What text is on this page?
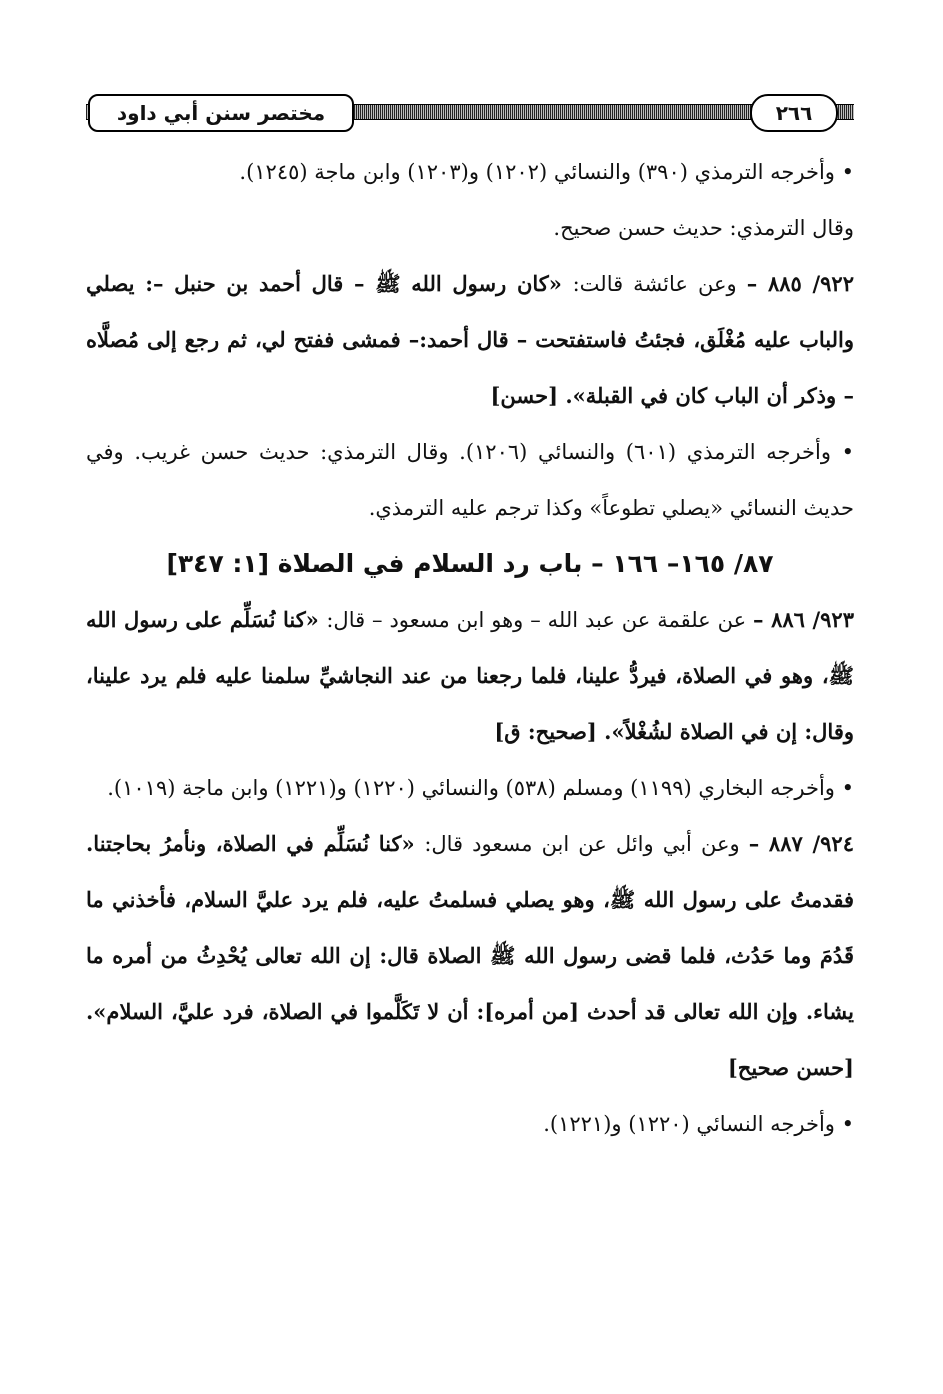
مختصر سنن أبي داود	٢٦٦

• وأخرجه الترمذي (٣٩٠) والنسائي (١٢٠٢) و(١٢٠٣) وابن ماجة (١٢٤٥).

وقال الترمذي: حديث حسن صحيح.

٩٢٢/ ٨٨٥ – وعن عائشة قالت: «كان رسول الله ﷺ – قال أحمد بن حنبل –: يصلي والباب عليه مُغْلَق، فجئتُ فاستفتحت – قال أحمد:– فمشى ففتح لي، ثم رجع إلى مُصلَّاه – وذكر أن الباب كان في القبلة». [حسن]

• وأخرجه الترمذي (٦٠١) والنسائي (١٢٠٦). وقال الترمذي: حديث حسن غريب. وفي حديث النسائي «يصلي تطوعاً» وكذا ترجم عليه الترمذي.

٨٧/ ١٦٥– ١٦٦ – باب رد السلام في الصلاة [١: ٣٤٧]

٩٢٣/ ٨٨٦ – عن علقمة عن عبد الله – وهو ابن مسعود – قال: «كنا نُسَلِّم على رسول الله ﷺ، وهو في الصلاة، فيردُّ علينا، فلما رجعنا من عند النجاشيِّ سلمنا عليه فلم يرد علينا، وقال: إن في الصلاة لشُغْلاً». [صحيح: ق]

• وأخرجه البخاري (١١٩٩) ومسلم (٥٣٨) والنسائي (١٢٢٠) و(١٢٢١) وابن ماجة (١٠١٩).

٩٢٤/ ٨٨٧ – وعن أبي وائل عن ابن مسعود قال: «كنا نُسَلِّم في الصلاة، ونأمرُ بحاجتنا. فقدمتُ على رسول الله ﷺ، وهو يصلي فسلمتُ عليه، فلم يرد عليَّ السلام، فأخذني ما قَدُمَ وما حَدُث، فلما قضى رسول الله ﷺ الصلاة قال: إن الله تعالى يُحْدِثُ من أمره ما يشاء. وإن الله تعالى قد أحدث [من أمره]: أن لا تَكَلَّموا في الصلاة، فرد عليَّ، السلام». [حسن صحيح]

• وأخرجه النسائي (١٢٢٠) و(١٢٢١).
